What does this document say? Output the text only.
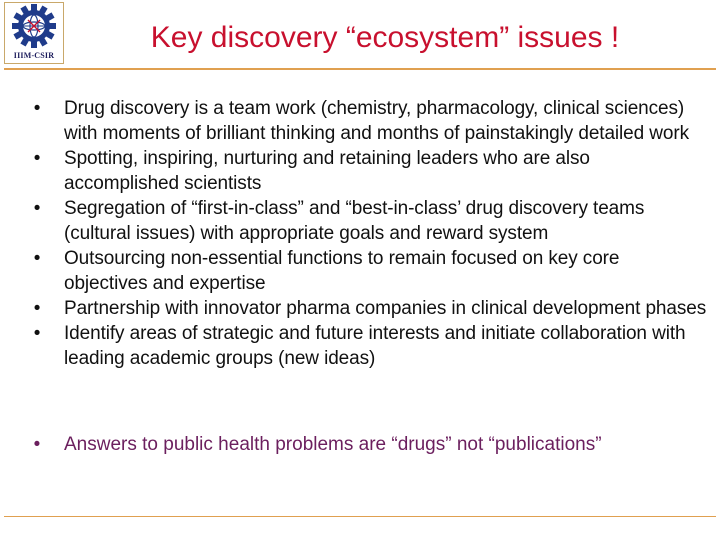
IIIM-CSIR
Key discovery “ecosystem” issues !
• Drug discovery is a team work (chemistry, pharmacology, clinical sciences) with moments of brilliant thinking and months of painstakingly detailed work
• Spotting, inspiring, nurturing and retaining leaders who are also accomplished scientists
• Segregation of “first-in-class” and “best-in-class’ drug discovery teams (cultural issues) with appropriate goals and reward system
• Outsourcing non-essential functions to remain focused on key core objectives and expertise
• Partnership with innovator pharma companies in clinical development phases
• Identify areas of strategic and future interests and initiate collaboration with leading academic groups (new ideas)
• Answers to public health problems are “drugs” not “publications”
